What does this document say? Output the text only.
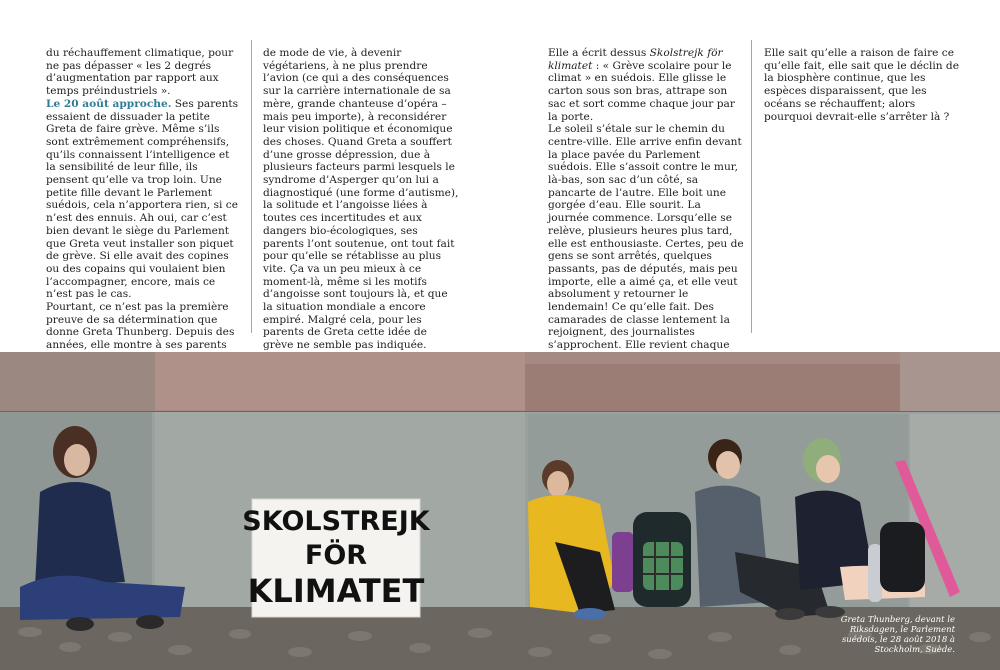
du réchauffement climatique, pour ne pas dépasser « les 2 degrés d’augmentation par rapport aux temps préindustriels ».

Le 20 août approche. Ses parents essaient de dissuader la petite Greta de faire grève. Même s’ils sont extrêmement compréhensifs, qu’ils connaissent l’intelligence et la sensibilité de leur fille, ils pensent qu’elle va trop loin. Une petite fille devant le Parlement suédois, cela n’apportera rien, si ce n’est des ennuis. Ah oui, car c’est bien devant le siège du Parlement que Greta veut installer son piquet de grève. Si elle avait des copines ou des copains qui voulaient bien l’accompagner, encore, mais ce n’est pas le cas.

Pourtant, ce n’est pas la première preuve de sa détermination que donne Greta Thunberg. Depuis des années, elle montre à ses parents

de mode de vie, à devenir végétariens, à ne plus prendre l’avion (ce qui a des conséquences sur la carrière internationale de sa mère, grande chanteuse d’opéra – mais peu importe), à reconsidérer leur vision politique et économique des choses. Quand Greta a souffert d’une grosse dépression, due à plusieurs facteurs parmi lesquels le syndrome d’Asperger qu’on lui a diagnostiqué (une forme d’autisme), la solitude et l’angoisse liées à toutes ces incertitudes et aux dangers bio-écologiques, ses parents l’ont soutenue, ont tout fait pour qu’elle se rétablisse au plus vite. Ça va un peu mieux à ce moment-là, même si les motifs d’angoisse sont toujours là, et que la situation mondiale a encore empiré. Malgré cela, pour les parents de Greta cette idée de grève ne semble pas indiquée.

Elle a écrit dessus Skolstrejk för klimatet : « Grève scolaire pour le climat » en suédois. Elle glisse le carton sous son bras, attrape son sac et sort comme chaque jour par la porte.

Le soleil s’étale sur le chemin du centre-ville. Elle arrive enfin devant la place pavée du Parlement suédois. Elle s’assoit contre le mur, là-bas, son sac d’un côté, sa pancarte de l’autre. Elle boit une gorgée d’eau. Elle sourit. La journée commence. Lorsqu’elle se relève, plusieurs heures plus tard, elle est enthousiaste. Certes, peu de gens se sont arrêtés, quelques passants, pas de députés, mais peu importe, elle a aimé ça, et elle veut absolument y retourner le lendemain! Ce qu’elle fait. Des camarades de classe lentement la rejoignent, des journalistes s’approchent. Elle revient chaque

Elle sait qu’elle a raison de faire ce qu’elle fait, elle sait que le déclin de la biosphère continue, que les espèces disparaissent, que les océans se réchauffent; alors pourquoi devrait-elle s’arrêter là ?

SKOLSTREJK
FÖR
KLIMATET
Greta Thunberg, devant le Riksdagen, le Parlement suédois, le 28 août 2018 à Stockholm, Suède.
